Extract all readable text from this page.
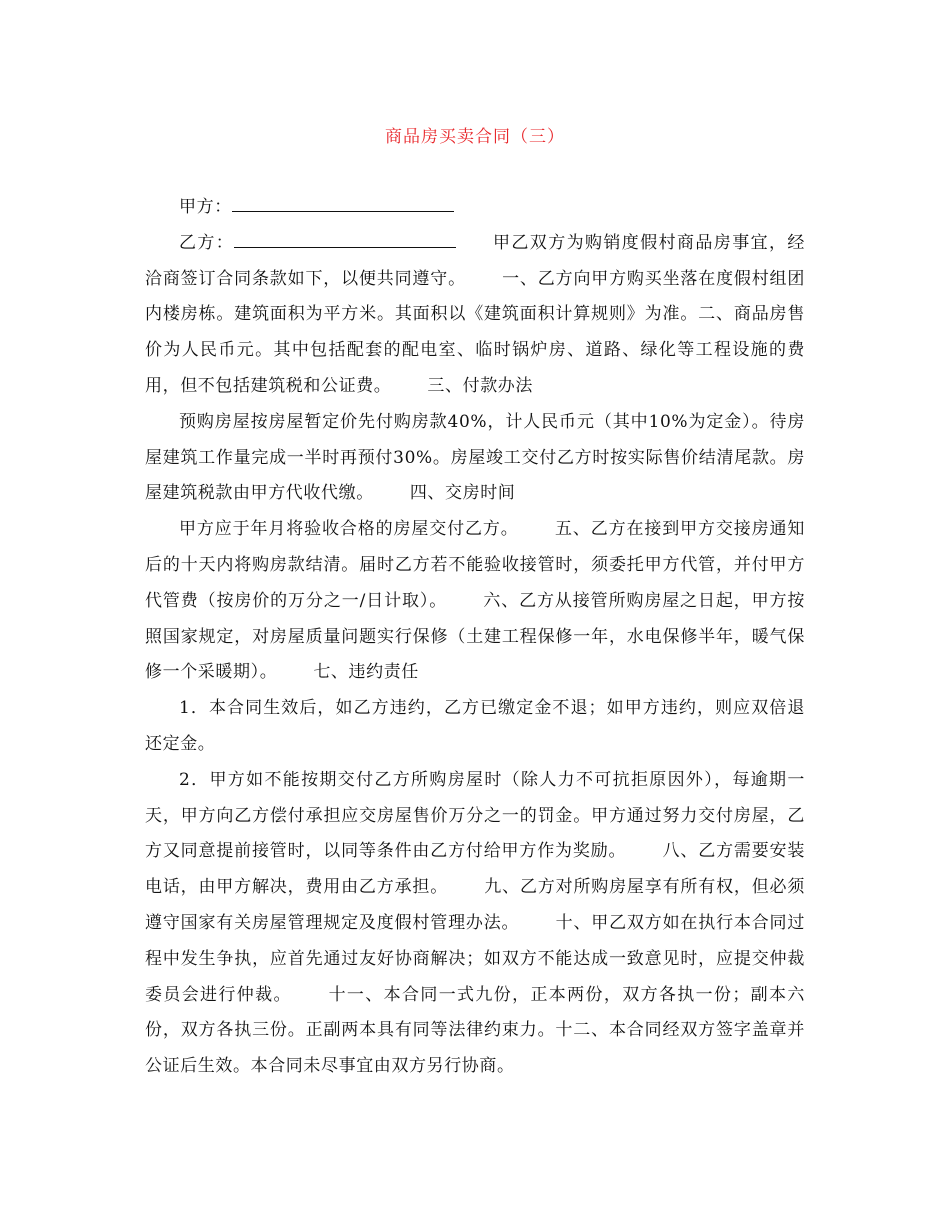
商品房买卖合同（三）

甲方：

乙方：	甲乙双方为购销度假村商品房事宜，经洽商签订合同条款如下，以便共同遵守。 一、乙方向甲方购买坐落在度假村组团内楼房栋。建筑面积为平方米。其面积以《建筑面积计算规则》为准。二、商品房售价为人民币元。其中包括配套的配电室、临时锅炉房、道路、绿化等工程设施的费用，但不包括建筑税和公证费。 三、付款办法

预购房屋按房屋暂定价先付购房款40%，计人民币元（其中10%为定金）。待房屋建筑工作量完成一半时再预付30%。房屋竣工交付乙方时按实际售价结清尾款。房屋建筑税款由甲方代收代缴。 四、交房时间

甲方应于年月将验收合格的房屋交付乙方。 五、乙方在接到甲方交接房通知后的十天内将购房款结清。届时乙方若不能验收接管时，须委托甲方代管，并付甲方代管费（按房价的万分之一/日计取）。 六、乙方从接管所购房屋之日起，甲方按照国家规定，对房屋质量问题实行保修（土建工程保修一年，水电保修半年，暖气保修一个采暖期）。 七、违约责任

1．本合同生效后，如乙方违约，乙方已缴定金不退；如甲方违约，则应双倍退还定金。

2．甲方如不能按期交付乙方所购房屋时（除人力不可抗拒原因外），每逾期一天，甲方向乙方偿付承担应交房屋售价万分之一的罚金。甲方通过努力交付房屋，乙方又同意提前接管时，以同等条件由乙方付给甲方作为奖励。 八、乙方需要安装电话，由甲方解决，费用由乙方承担。 九、乙方对所购房屋享有所有权，但必须遵守国家有关房屋管理规定及度假村管理办法。 十、甲乙双方如在执行本合同过程中发生争执，应首先通过友好协商解决；如双方不能达成一致意见时，应提交仲裁委员会进行仲裁。 十一、本合同一式九份，正本两份，双方各执一份；副本六份，双方各执三份。正副两本具有同等法律约束力。十二、本合同经双方签字盖章并公证后生效。本合同未尽事宜由双方另行协商。
